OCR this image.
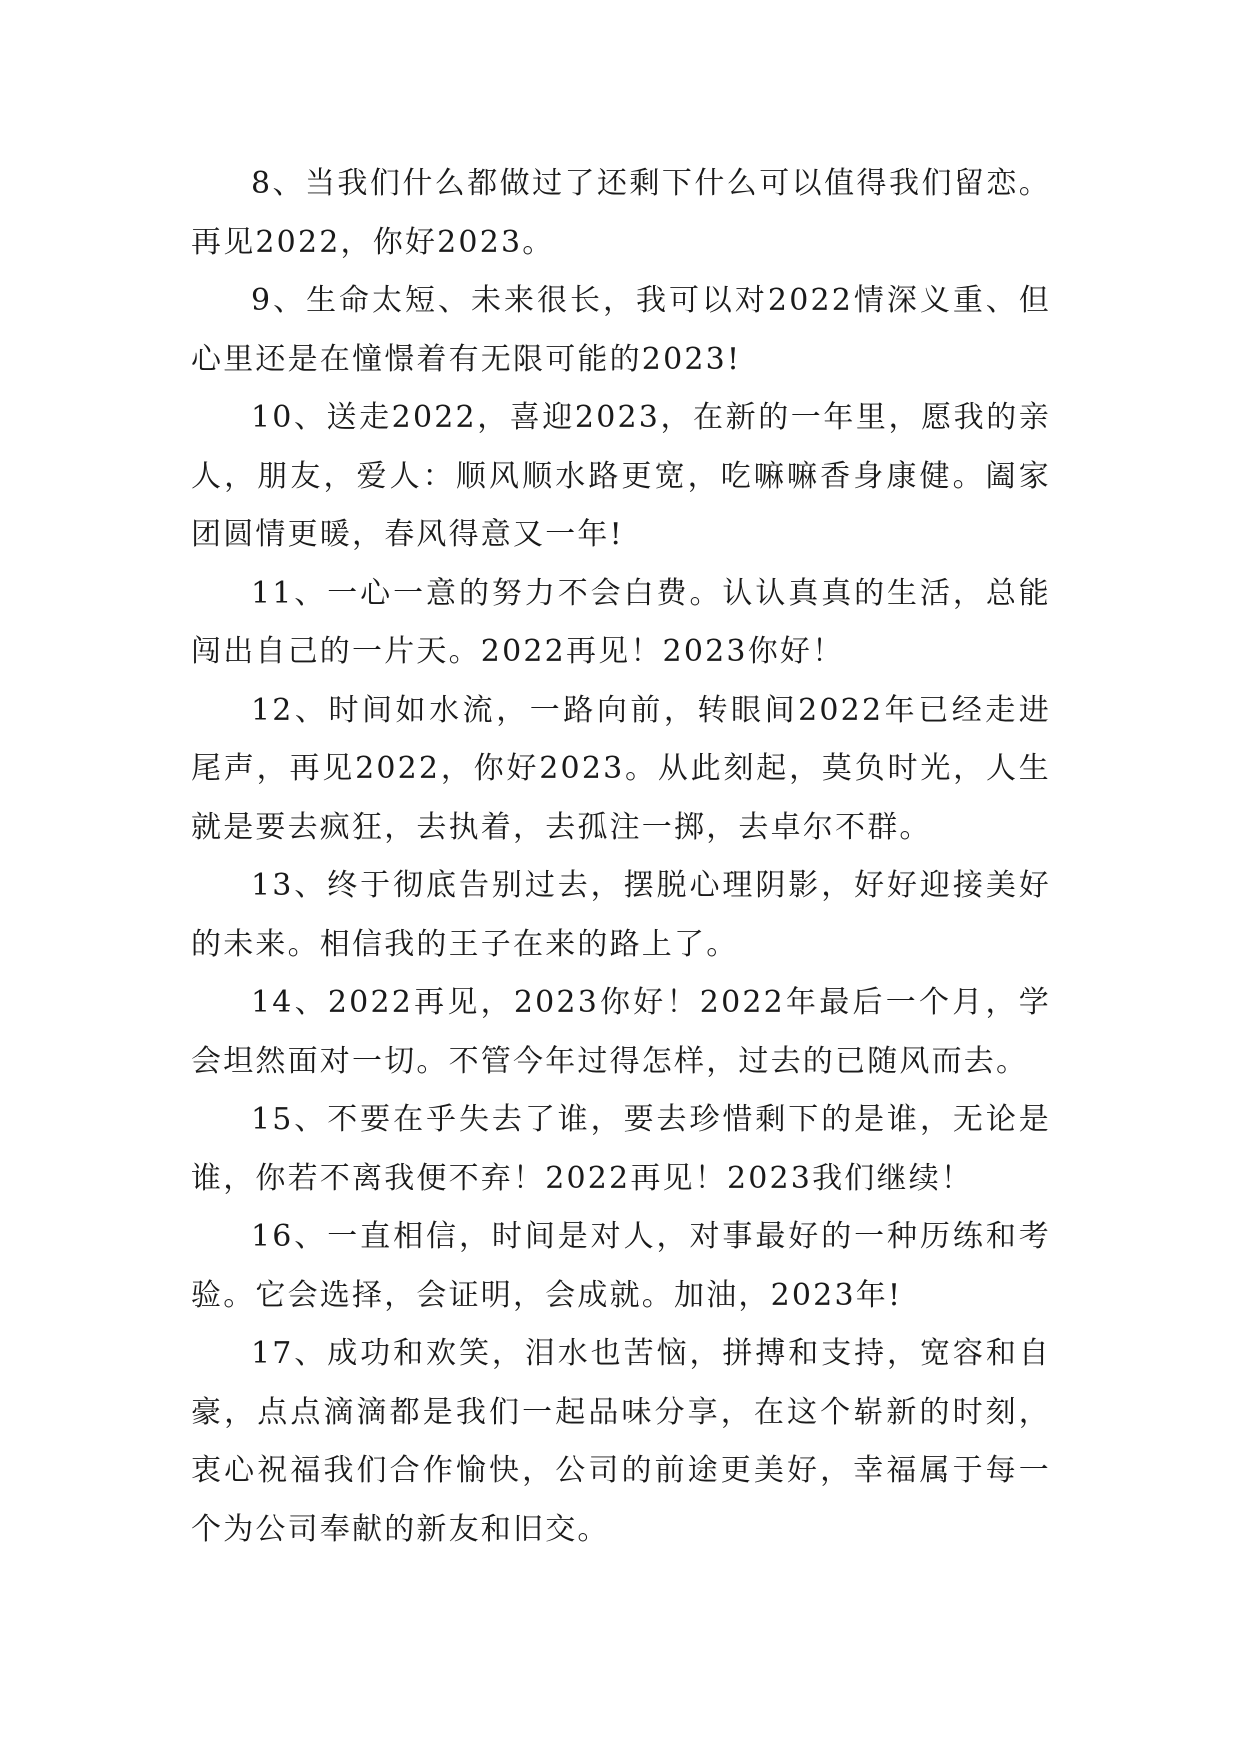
8、当我们什么都做过了还剩下什么可以值得我们留恋。再见2022，你好2023。

9、生命太短、未来很长，我可以对2022情深义重、但心里还是在憧憬着有无限可能的2023!

10、送走2022，喜迎2023，在新的一年里，愿我的亲人，朋友，爱人：顺风顺水路更宽，吃嘛嘛香身康健。阖家团圆情更暖，春风得意又一年!

11、一心一意的努力不会白费。认认真真的生活，总能闯出自己的一片天。2022再见！2023你好！

12、时间如水流，一路向前，转眼间2022年已经走进尾声，再见2022，你好2023。从此刻起，莫负时光，人生就是要去疯狂，去执着，去孤注一掷，去卓尔不群。

13、终于彻底告别过去，摆脱心理阴影，好好迎接美好的未来。相信我的王子在来的路上了。

14、2022再见，2023你好！2022年最后一个月，学会坦然面对一切。不管今年过得怎样，过去的已随风而去。

15、不要在乎失去了谁，要去珍惜剩下的是谁，无论是谁，你若不离我便不弃！2022再见！2023我们继续！

16、一直相信，时间是对人，对事最好的一种历练和考验。它会选择，会证明，会成就。加油，2023年!

17、成功和欢笑，泪水也苦恼，拼搏和支持，宽容和自豪，点点滴滴都是我们一起品味分享，在这个崭新的时刻，衷心祝福我们合作愉快，公司的前途更美好，幸福属于每一个为公司奉献的新友和旧交。
